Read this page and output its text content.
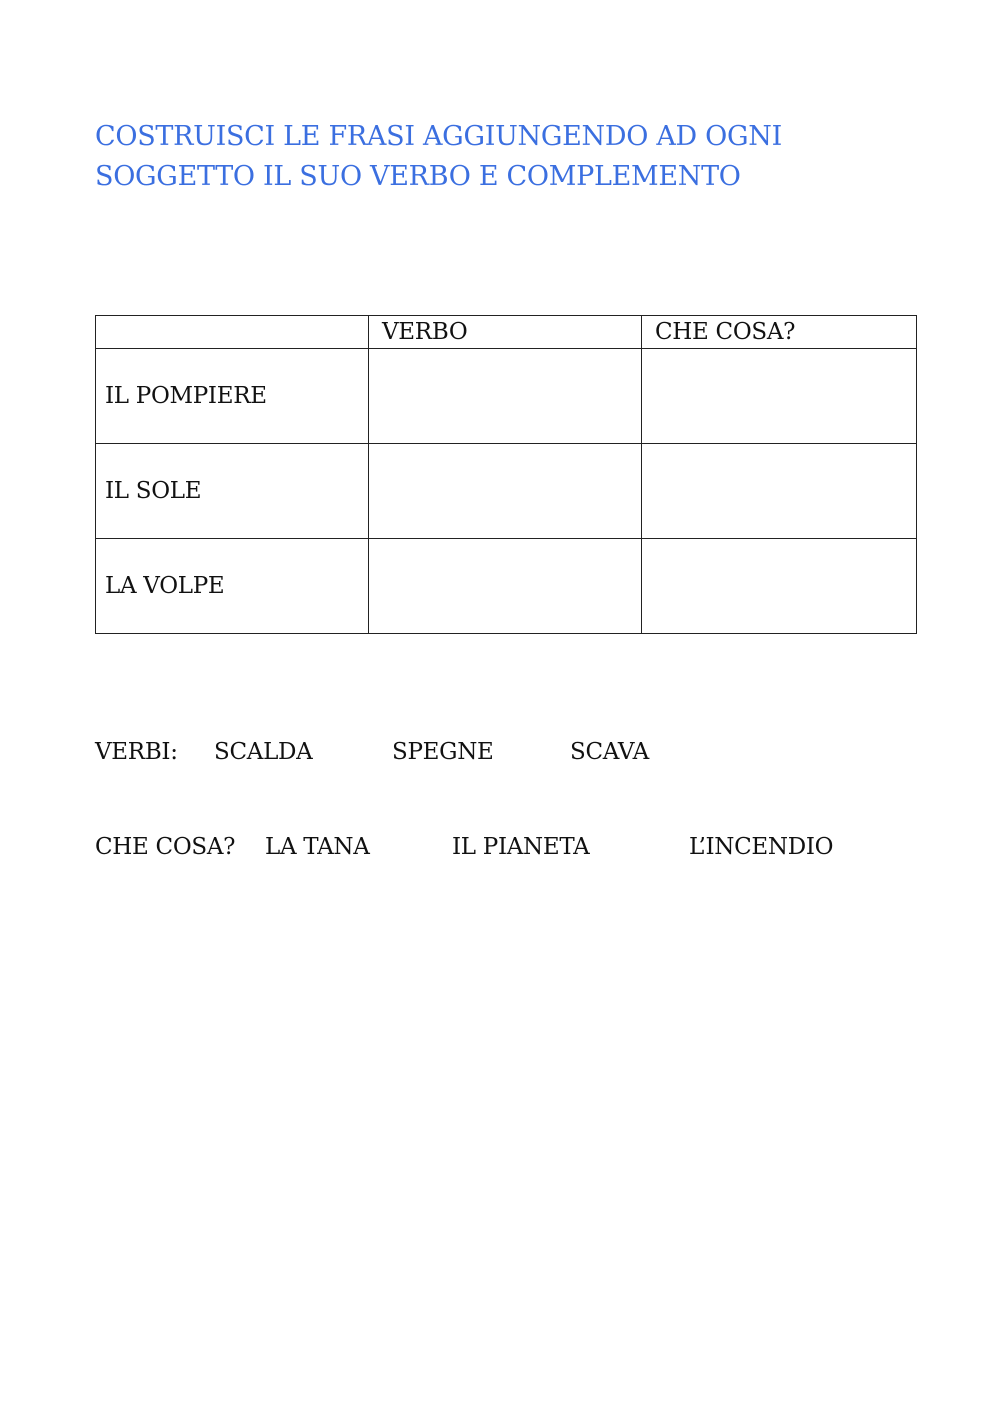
COSTRUISCI LE FRASI AGGIUNGENDO AD OGNI
SOGGETTO IL SUO VERBO E COMPLEMENTO
	VERBO	CHE COSA?
IL POMPIERE		
IL SOLE		
LA VOLPE		
VERBI: SCALDA	SPEGNE	SCAVA
CHE COSA? LA TANA	IL PIANETA	L’INCENDIO
